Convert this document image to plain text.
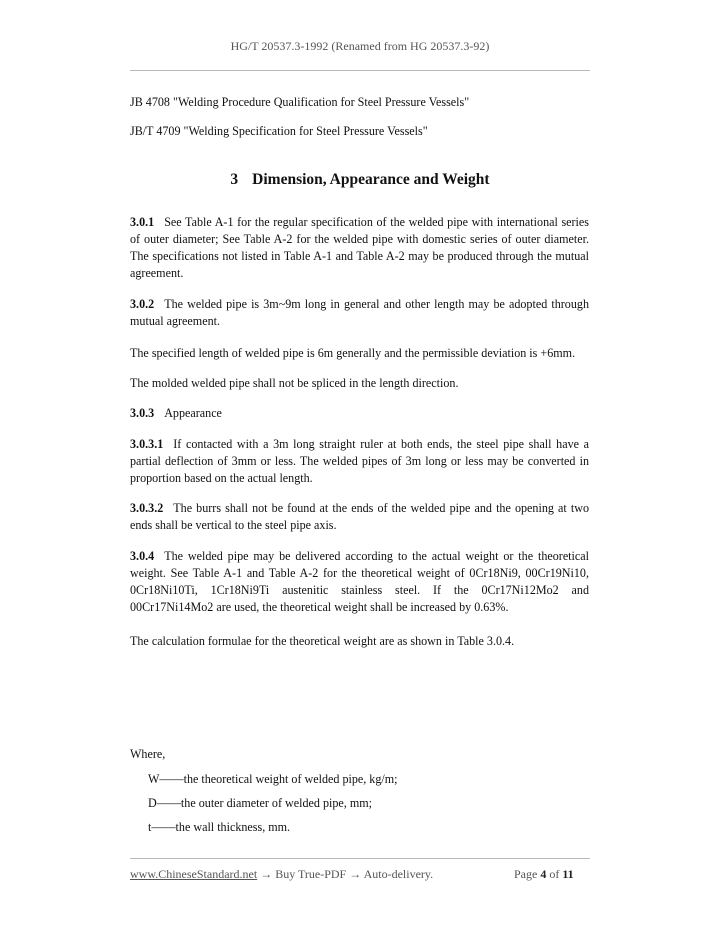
HG/T 20537.3-1992 (Renamed from HG 20537.3-92)

JB 4708 "Welding Procedure Qualification for Steel Pressure Vessels"

JB/T 4709 "Welding Specification for Steel Pressure Vessels"

3 Dimension, Appearance and Weight

3.0.1 See Table A-1 for the regular specification of the welded pipe with international series of outer diameter; See Table A-2 for the welded pipe with domestic series of outer diameter. The specifications not listed in Table A-1 and Table A-2 may be produced through the mutual agreement.

3.0.2 The welded pipe is 3m~9m long in general and other length may be adopted through mutual agreement.

The specified length of welded pipe is 6m generally and the permissible deviation is +6mm.

The molded welded pipe shall not be spliced in the length direction.

3.0.3 Appearance

3.0.3.1 If contacted with a 3m long straight ruler at both ends, the steel pipe shall have a partial deflection of 3mm or less. The welded pipes of 3m long or less may be converted in proportion based on the actual length.

3.0.3.2 The burrs shall not be found at the ends of the welded pipe and the opening at two ends shall be vertical to the steel pipe axis.

3.0.4 The welded pipe may be delivered according to the actual weight or the theoretical weight. See Table A-1 and Table A-2 for the theoretical weight of 0Cr18Ni9, 00Cr19Ni10, 0Cr18Ni10Ti, 1Cr18Ni9Ti austenitic stainless steel. If the 0Cr17Ni12Mo2 and 00Cr17Ni14Mo2 are used, the theoretical weight shall be increased by 0.63%.

The calculation formulae for the theoretical weight are as shown in Table 3.0.4.

Where,

W——the theoretical weight of welded pipe, kg/m;

D——the outer diameter of welded pipe, mm;

t——the wall thickness, mm.

www.ChineseStandard.net → Buy True-PDF → Auto-delivery.	Page 4 of 11
